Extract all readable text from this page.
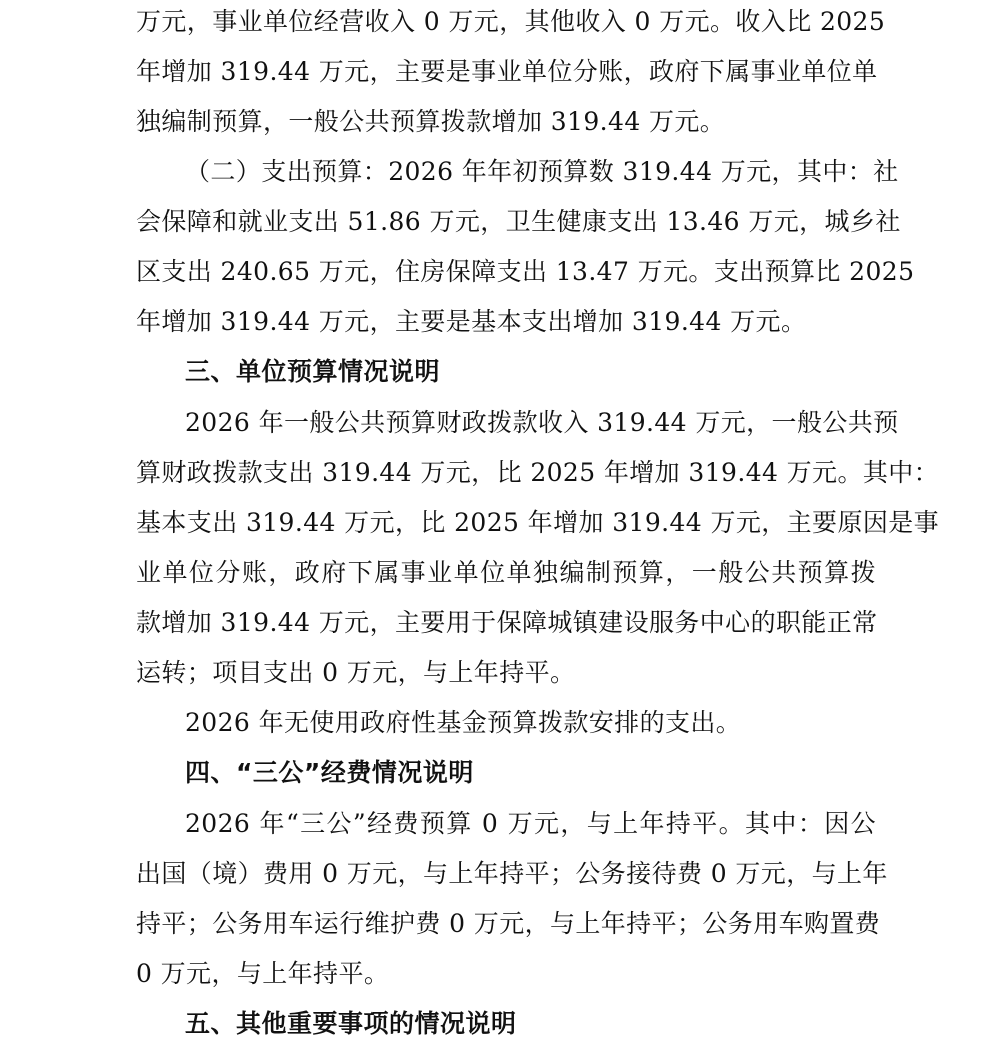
万元，事业单位经营收入 0 万元，其他收入 0 万元。收入比 2025
年增加 319.44 万元，主要是事业单位分账，政府下属事业单位单
独编制预算，一般公共预算拨款增加 319.44 万元。
（二）支出预算：2026 年年初预算数 319.44 万元，其中：社
会保障和就业支出 51.86 万元，卫生健康支出 13.46 万元，城乡社
区支出 240.65 万元，住房保障支出 13.47 万元。支出预算比 2025
年增加 319.44 万元，主要是基本支出增加 319.44 万元。
三、单位预算情况说明
2026 年一般公共预算财政拨款收入 319.44 万元，一般公共预
算财政拨款支出 319.44 万元，比 2025 年增加 319.44 万元。其中：
基本支出 319.44 万元，比 2025 年增加 319.44 万元，主要原因是事
业单位分账，政府下属事业单位单独编制预算，一般公共预算拨
款增加 319.44 万元，主要用于保障城镇建设服务中心的职能正常
运转；项目支出 0 万元，与上年持平。
2026 年无使用政府性基金预算拨款安排的支出。
四、“三公”经费情况说明
2026 年“三公”经费预算 0 万元，与上年持平。其中：因公
出国（境）费用 0 万元，与上年持平；公务接待费 0 万元，与上年
持平；公务用车运行维护费 0 万元，与上年持平；公务用车购置费
0 万元，与上年持平。
五、其他重要事项的情况说明
